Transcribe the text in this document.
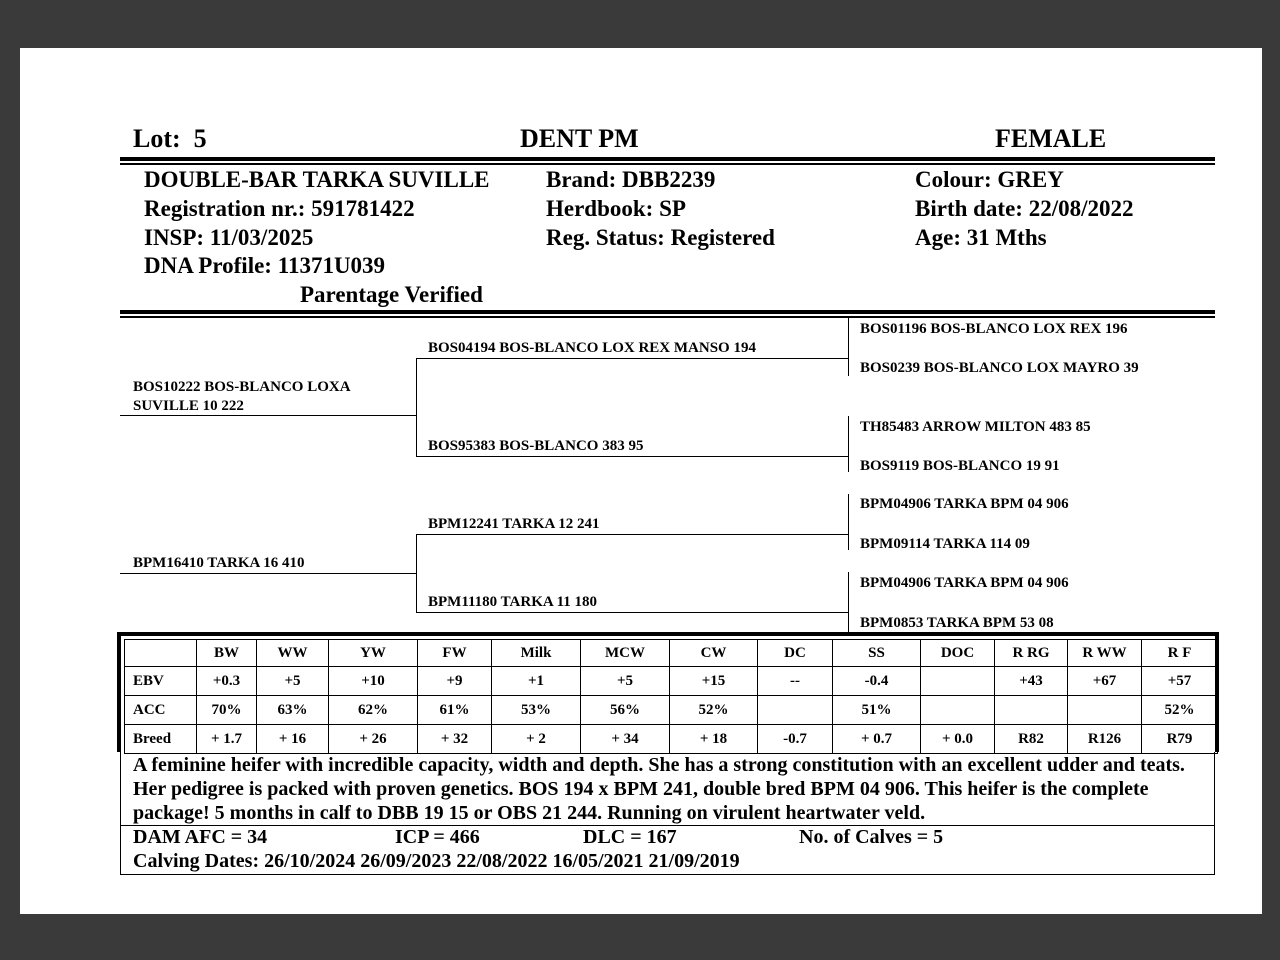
Lot: 5	DENT PM	FEMALE
DOUBLE-BAR TARKA SUVILLE
Registration nr.: 591781422
INSP: 11/03/2025
DNA Profile: 11371U039
Parentage Verified
Brand: DBB2239
Herdbook: SP
Reg. Status: Registered
Colour: GREY
Birth date: 22/08/2022
Age: 31 Mths
BOS10222 BOS-BLANCO LOXA SUVILLE 10 222
BPM16410 TARKA 16 410
BOS04194 BOS-BLANCO LOX REX MANSO 194
BOS95383 BOS-BLANCO 383 95
BPM12241 TARKA 12 241
BPM11180 TARKA 11 180
BOS01196 BOS-BLANCO LOX REX 196
BOS0239 BOS-BLANCO LOX MAYRO 39
TH85483 ARROW MILTON 483 85
BOS9119 BOS-BLANCO 19 91
BPM04906 TARKA BPM 04 906
BPM09114 TARKA 114 09
BPM04906 TARKA BPM 04 906
BPM0853 TARKA BPM 53 08
	BW	WW	YW	FW	Milk	MCW	CW	DC	SS	DOC	R RG	R WW	R F
EBV	+0.3	+5	+10	+9	+1	+5	+15	--	-0.4		+43	+67	+57
ACC	70%	63%	62%	61%	53%	56%	52%		51%				52%
Breed	+ 1.7	+ 16	+ 26	+ 32	+ 2	+ 34	+ 18	-0.7	+ 0.7	+ 0.0	R82	R126	R79
A feminine heifer with incredible capacity, width and depth. She has a strong constitution with an excellent udder and teats. Her pedigree is packed with proven genetics. BOS 194 x BPM 241, double bred BPM 04 906. This heifer is the complete package! 5 months in calf to DBB 19 15 or OBS 21 244. Running on virulent heartwater veld.
DAM AFC = 34	ICP = 466	DLC = 167	No. of Calves = 5
Calving Dates: 26/10/2024 26/09/2023 22/08/2022 16/05/2021 21/09/2019
